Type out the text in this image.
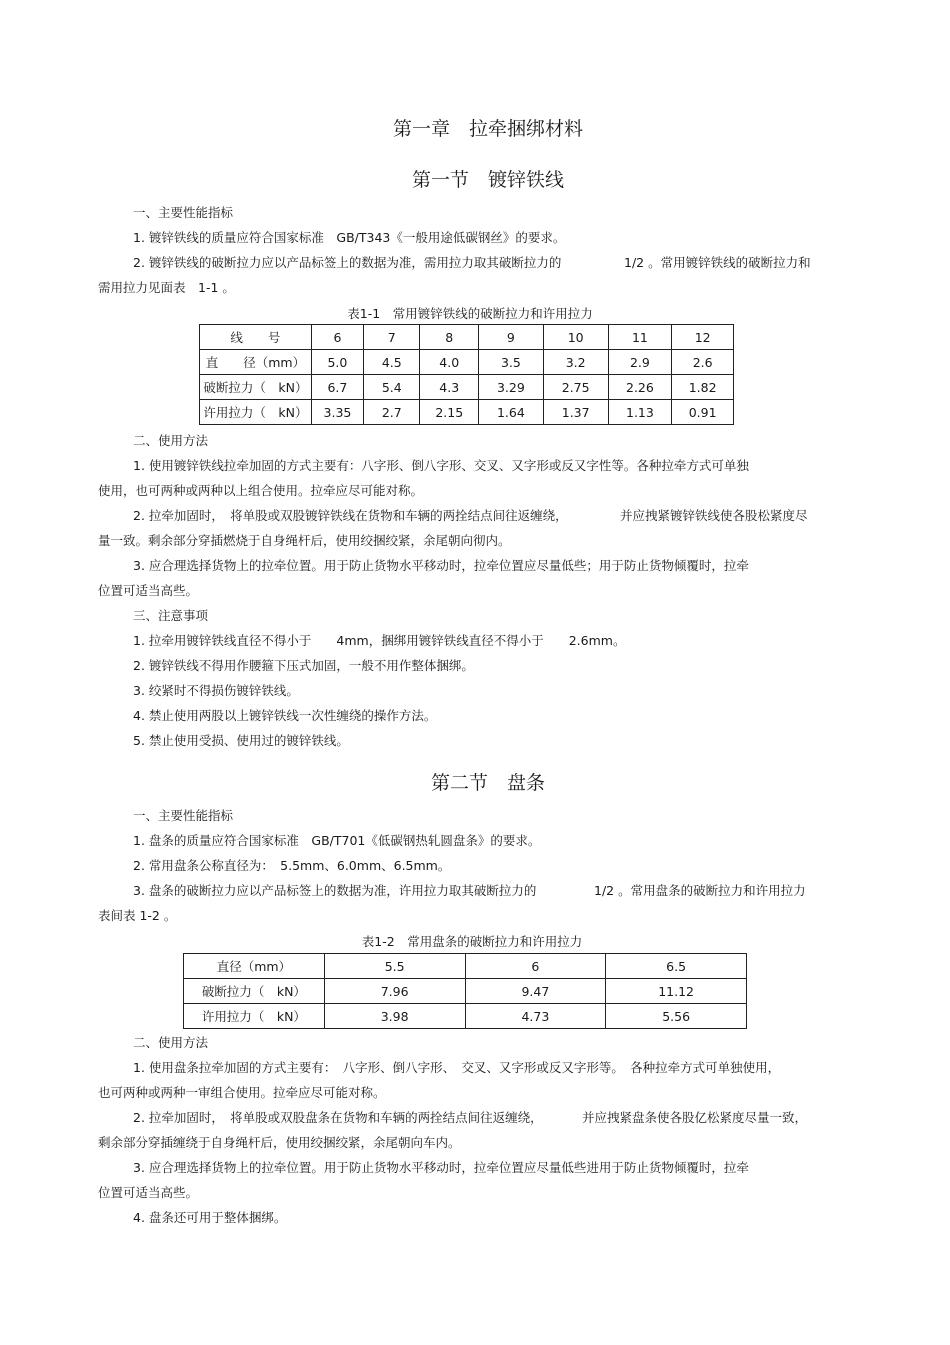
第一章　拉牵捆绑材料
第一节　镀锌铁线
一、主要性能指标
1. 镀锌铁线的质量应符合国家标准　GB/T343《一般用途低碳钢丝》的要求。
2. 镀锌铁线的破断拉力应以产品标签上的数据为准，需用拉力取其破断拉力的	1/2 。常用镀锌铁线的破断拉力和
需用拉力见面表　1-1 。
表1-1　常用镀锌铁线的破断拉力和许用拉力
线　　号	6	7	8	9	10	11	12
直　　径（mm）	5.0	4.5	4.0	3.5	3.2	2.9	2.6
破断拉力（　kN）	6.7	5.4	4.3	3.29	2.75	2.26	1.82
许用拉力（　kN）	3.35	2.7	2.15	1.64	1.37	1.13	0.91
二、使用方法
1. 使用镀锌铁线拉牵加固的方式主要有：八字形、倒八字形、交叉、又字形或反又字性等。各种拉牵方式可单独
使用，也可两种或两种以上组合使用。拉牵应尽可能对称。
2. 拉牵加固时，　将单股或双股镀锌铁线在货物和车辆的两拴结点间往返缠绕，	并应拽紧镀锌铁线使各股松紧度尽
量一致。剩余部分穿插燃烧于自身绳杆后，使用绞捆绞紧，余尾朝向彻内。
3. 应合理选择货物上的拉牵位置。用于防止货物水平移动时，拉牵位置应尽量低些；用于防止货物倾覆时，拉牵
位置可适当高些。
三、注意事项
1. 拉牵用镀锌铁线直径不得小于　　4mm，捆绑用镀锌铁线直径不得小于　　2.6mm。
2. 镀锌铁线不得用作腰箍下压式加固，一般不用作整体捆绑。
3. 绞紧时不得损伤镀锌铁线。
4. 禁止使用两股以上镀锌铁线一次性缠绕的操作方法。
5. 禁止使用受损、使用过的镀锌铁线。
第二节　盘条
一、主要性能指标
1. 盘条的质量应符合国家标准　GB/T701《低碳钢热轧圆盘条》的要求。
2. 常用盘条公称直径为：　5.5mm、6.0mm、6.5mm。
3. 盘条的破断拉力应以产品标签上的数据为准，许用拉力取其破断拉力的	1/2 。常用盘条的破断拉力和许用拉力
表间表 1-2 。
表1-2　常用盘条的破断拉力和许用拉力
直径（mm）	5.5	6	6.5
破断拉力（　kN）	7.96	9.47	11.12
许用拉力（　kN）	3.98	4.73	5.56
二、使用方法
1. 使用盘条拉牵加固的方式主要有：　八字形、倒八字形、　交叉、又字形或反又字形等。　各种拉牵方式可单独使用，
也可两种或两种一审组合使用。拉牵应尽可能对称。
2. 拉牵加固时，　将单股或双股盘条在货物和车辆的两拴结点间往返缠绕，	并应拽紧盘条使各股亿松紧度尽量一致，
剩余部分穿插缠绕于自身绳杆后，使用绞捆绞紧，余尾朝向车内。
3. 应合理选择货物上的拉牵位置。用于防止货物水平移动时，拉牵位置应尽量低些进用于防止货物倾覆时，拉牵
位置可适当高些。
4. 盘条还可用于整体捆绑。
